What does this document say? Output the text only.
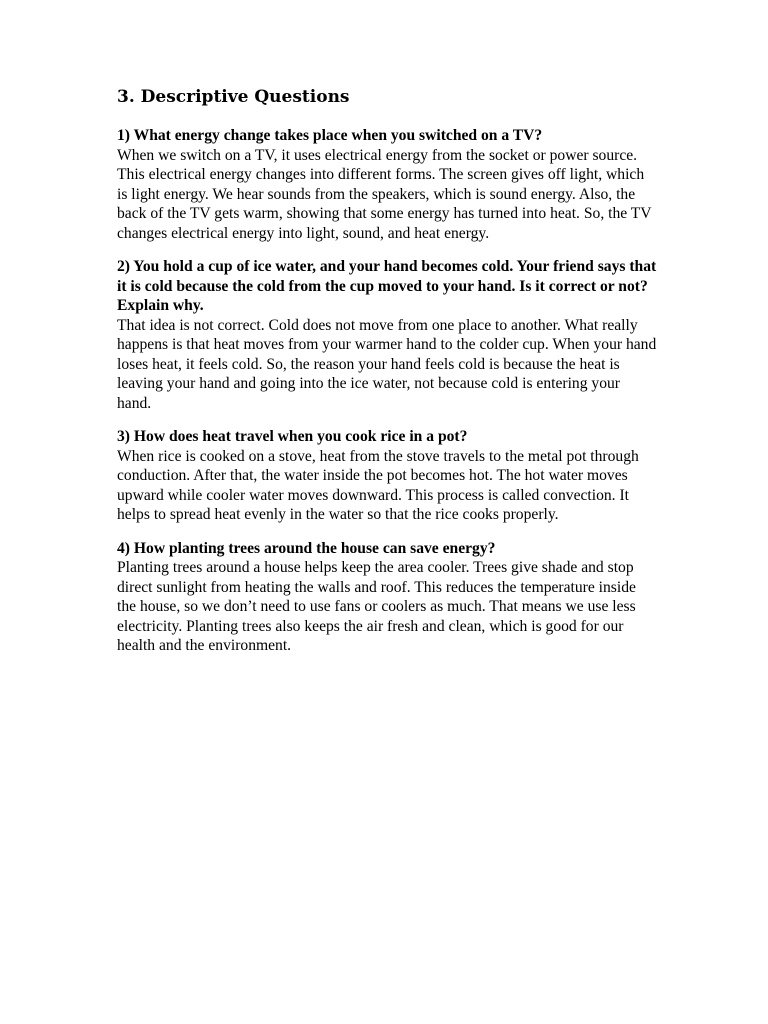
3. Descriptive Questions

1) What energy change takes place when you switched on a TV?

When we switch on a TV, it uses electrical energy from the socket or power source. This electrical energy changes into different forms. The screen gives off light, which is light energy. We hear sounds from the speakers, which is sound energy. Also, the back of the TV gets warm, showing that some energy has turned into heat. So, the TV changes electrical energy into light, sound, and heat energy.

2) You hold a cup of ice water, and your hand becomes cold. Your friend says that it is cold because the cold from the cup moved to your hand. Is it correct or not? Explain why.

That idea is not correct. Cold does not move from one place to another. What really happens is that heat moves from your warmer hand to the colder cup. When your hand loses heat, it feels cold. So, the reason your hand feels cold is because the heat is leaving your hand and going into the ice water, not because cold is entering your hand.

3) How does heat travel when you cook rice in a pot?

When rice is cooked on a stove, heat from the stove travels to the metal pot through conduction. After that, the water inside the pot becomes hot. The hot water moves upward while cooler water moves downward. This process is called convection. It helps to spread heat evenly in the water so that the rice cooks properly.

4) How planting trees around the house can save energy?

Planting trees around a house helps keep the area cooler. Trees give shade and stop direct sunlight from heating the walls and roof. This reduces the temperature inside the house, so we don’t need to use fans or coolers as much. That means we use less electricity. Planting trees also keeps the air fresh and clean, which is good for our health and the environment.
